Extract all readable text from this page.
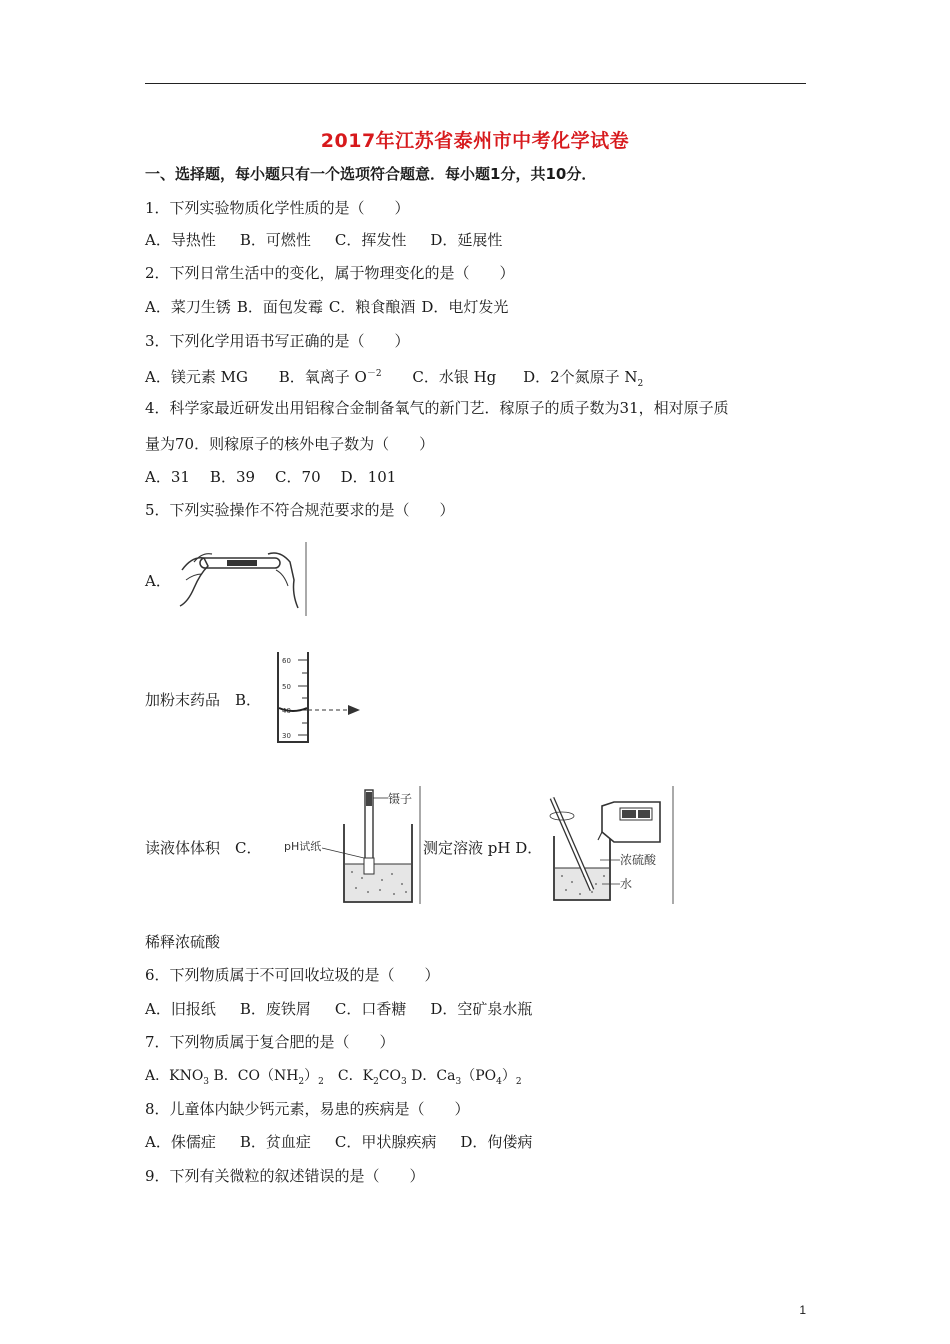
2017年江苏省泰州市中考化学试卷
一、选择题，每小题只有一个选项符合题意．每小题1分，共10分．
1．下列实验物质化学性质的是（　　）
A．导热性 B．可燃性 C．挥发性 D．延展性
2．下列日常生活中的变化，属于物理变化的是（　　）
A．菜刀生锈 B．面包发霉 C．粮食酿酒 D．电灯发光
3．下列化学用语书写正确的是（　　）
A．镁元素 MG B．氧离子 $O^{-2}$ C．水银 Hg D．2个氮原子 $N_2$
4．科学家最近研发出用铝稼合金制备氧气的新门艺．稼原子的质子数为31，相对原子质
量为70．则稼原子的核外电子数为（　　）
A．31 B．39 C．70 D．101
5．下列实验操作不符合规范要求的是（　　）
A．
加粉末药品　B．
60
50
40
30
读液体体积　C．
镊子
pH试纸	测定溶液 pH D．
浓硫酸
水
稀释浓硫酸
6．下列物质属于不可回收垃圾的是（　　）
A．旧报纸 B．废铁屑 C．口香糖 D．空矿泉水瓶
7．下列物质属于复合肥的是（　　）
A．$KNO_3$ B．$CO(NH_2)_2$　C．$K_2CO_3$ D．$Ca_3(PO_4)_2$
8．儿童体内缺少钙元素，易患的疾病是（　　）
A．侏儒症 B．贫血症 C．甲状腺疾病 D．佝偻病
9．下列有关微粒的叙述错误的是（　　）
1
